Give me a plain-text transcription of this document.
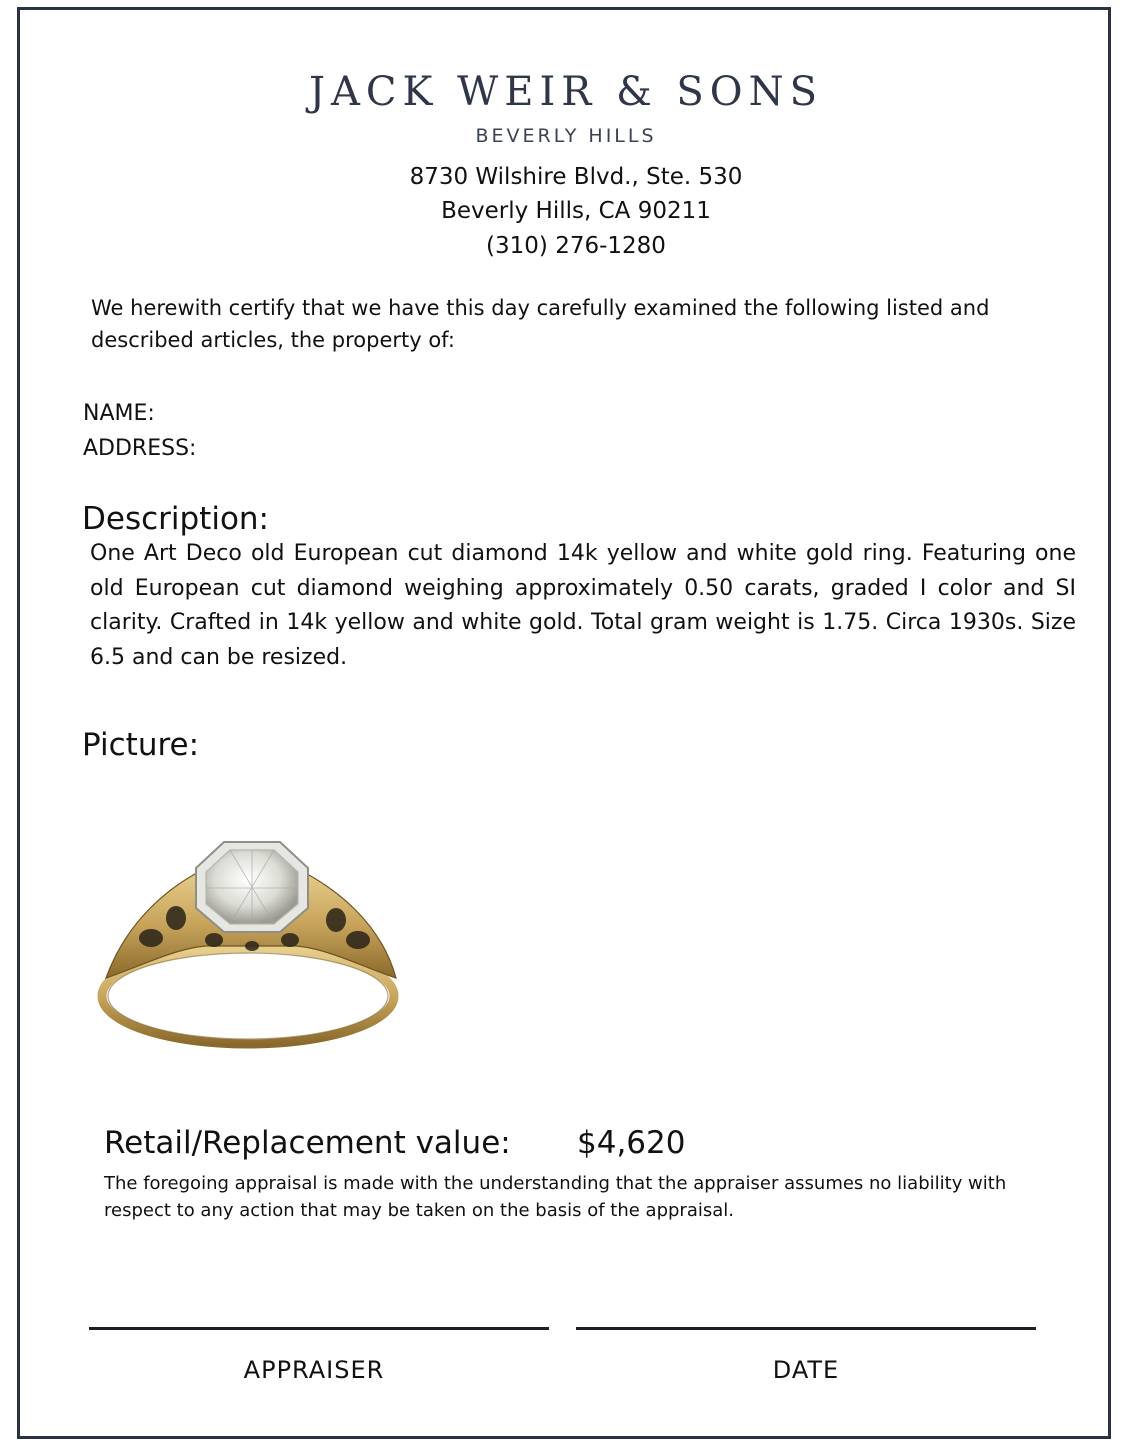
JACK WEIR & SONS
BEVERLY HILLS
8730 Wilshire Blvd., Ste. 530
Beverly Hills, CA 90211
(310) 276-1280
We herewith certify that we have this day carefully examined the following listed and described articles, the property of:
NAME:
ADDRESS:
Description:
One Art Deco old European cut diamond 14k yellow and white gold ring. Featuring one old European cut diamond weighing approximately 0.50 carats, graded I color and SI clarity. Crafted in 14k yellow and white gold. Total gram weight is 1.75. Circa 1930s. Size 6.5 and can be resized.
Picture:
Retail/Replacement value: $4,620
The foregoing appraisal is made with the understanding that the appraiser assumes no liability with respect to any action that may be taken on the basis of the appraisal.
APPRAISER	DATE
